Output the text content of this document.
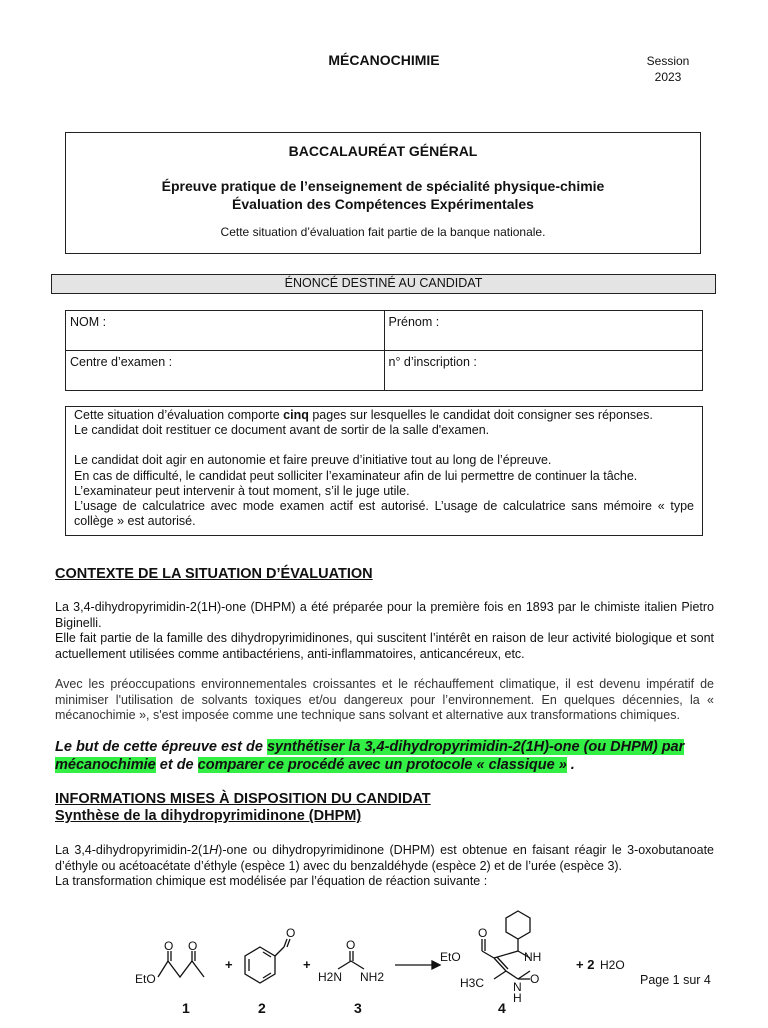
MÉCANOCHIMIE	Session
2023
BACCALAURÉAT GÉNÉRAL
Épreuve pratique de l’enseignement de spécialité physique-chimie
Évaluation des Compétences Expérimentales
Cette situation d’évaluation fait partie de la banque nationale.
ÉNONCÉ DESTINÉ AU CANDIDAT
NOM :	Prénom :
Centre d’examen :	n° d’inscription :

Cette situation d’évaluation comporte cinq pages sur lesquelles le candidat doit consigner ses réponses.

Le candidat doit restituer ce document avant de sortir de la salle d'examen.

Le candidat doit agir en autonomie et faire preuve d’initiative tout au long de l’épreuve.

En cas de difficulté, le candidat peut solliciter l’examinateur afin de lui permettre de continuer la tâche.

L’examinateur peut intervenir à tout moment, s’il le juge utile.

L’usage de calculatrice avec mode examen actif est autorisé. L’usage de calculatrice sans mémoire « type collège » est autorisé.

CONTEXTE DE LA SITUATION D’ÉVALUATION

La 3,4-dihydropyrimidin-2(1H)-one (DHPM) a été préparée pour la première fois en 1893 par le chimiste italien Pietro Biginelli.

Elle fait partie de la famille des dihydropyrimidinones, qui suscitent l’intérêt en raison de leur activité biologique et sont actuellement utilisées comme antibactériens, anti-inflammatoires, anticancéreux, etc.

Avec les préoccupations environnementales croissantes et le réchauffement climatique, il est devenu impératif de minimiser l'utilisation de solvants toxiques et/ou dangereux pour l’environnement. En quelques décennies, la « mécanochimie », s'est imposée comme une technique sans solvant et alternative aux transformations chimiques.

Le but de cette épreuve est de synthétiser la 3,4-dihydropyrimidin-2(1H)-one (ou DHPM) par mécanochimie et de comparer ce procédé avec un protocole « classique » .
INFORMATIONS MISES À DISPOSITION DU CANDIDAT
Synthèse de la dihydropyrimidinone (DHPM)

La 3,4-dihydropyrimidin-2(1H)-one ou dihydropyrimidinone (DHPM) est obtenue en faisant réagir le 3-oxobutanoate d’éthyle ou acétoacétate d’éthyle (espèce 1) avec du benzaldéhyde (espèce 2) et de l’urée (espèce 3).

La transformation chimique est modélisée par l’équation de réaction suivante :

EtO
O O
+
O
+
O
H2N NH2
EtO
O
NH
O
N
H
H3C
+ 2 H2O
1	2	3	4
Page 1 sur 4
